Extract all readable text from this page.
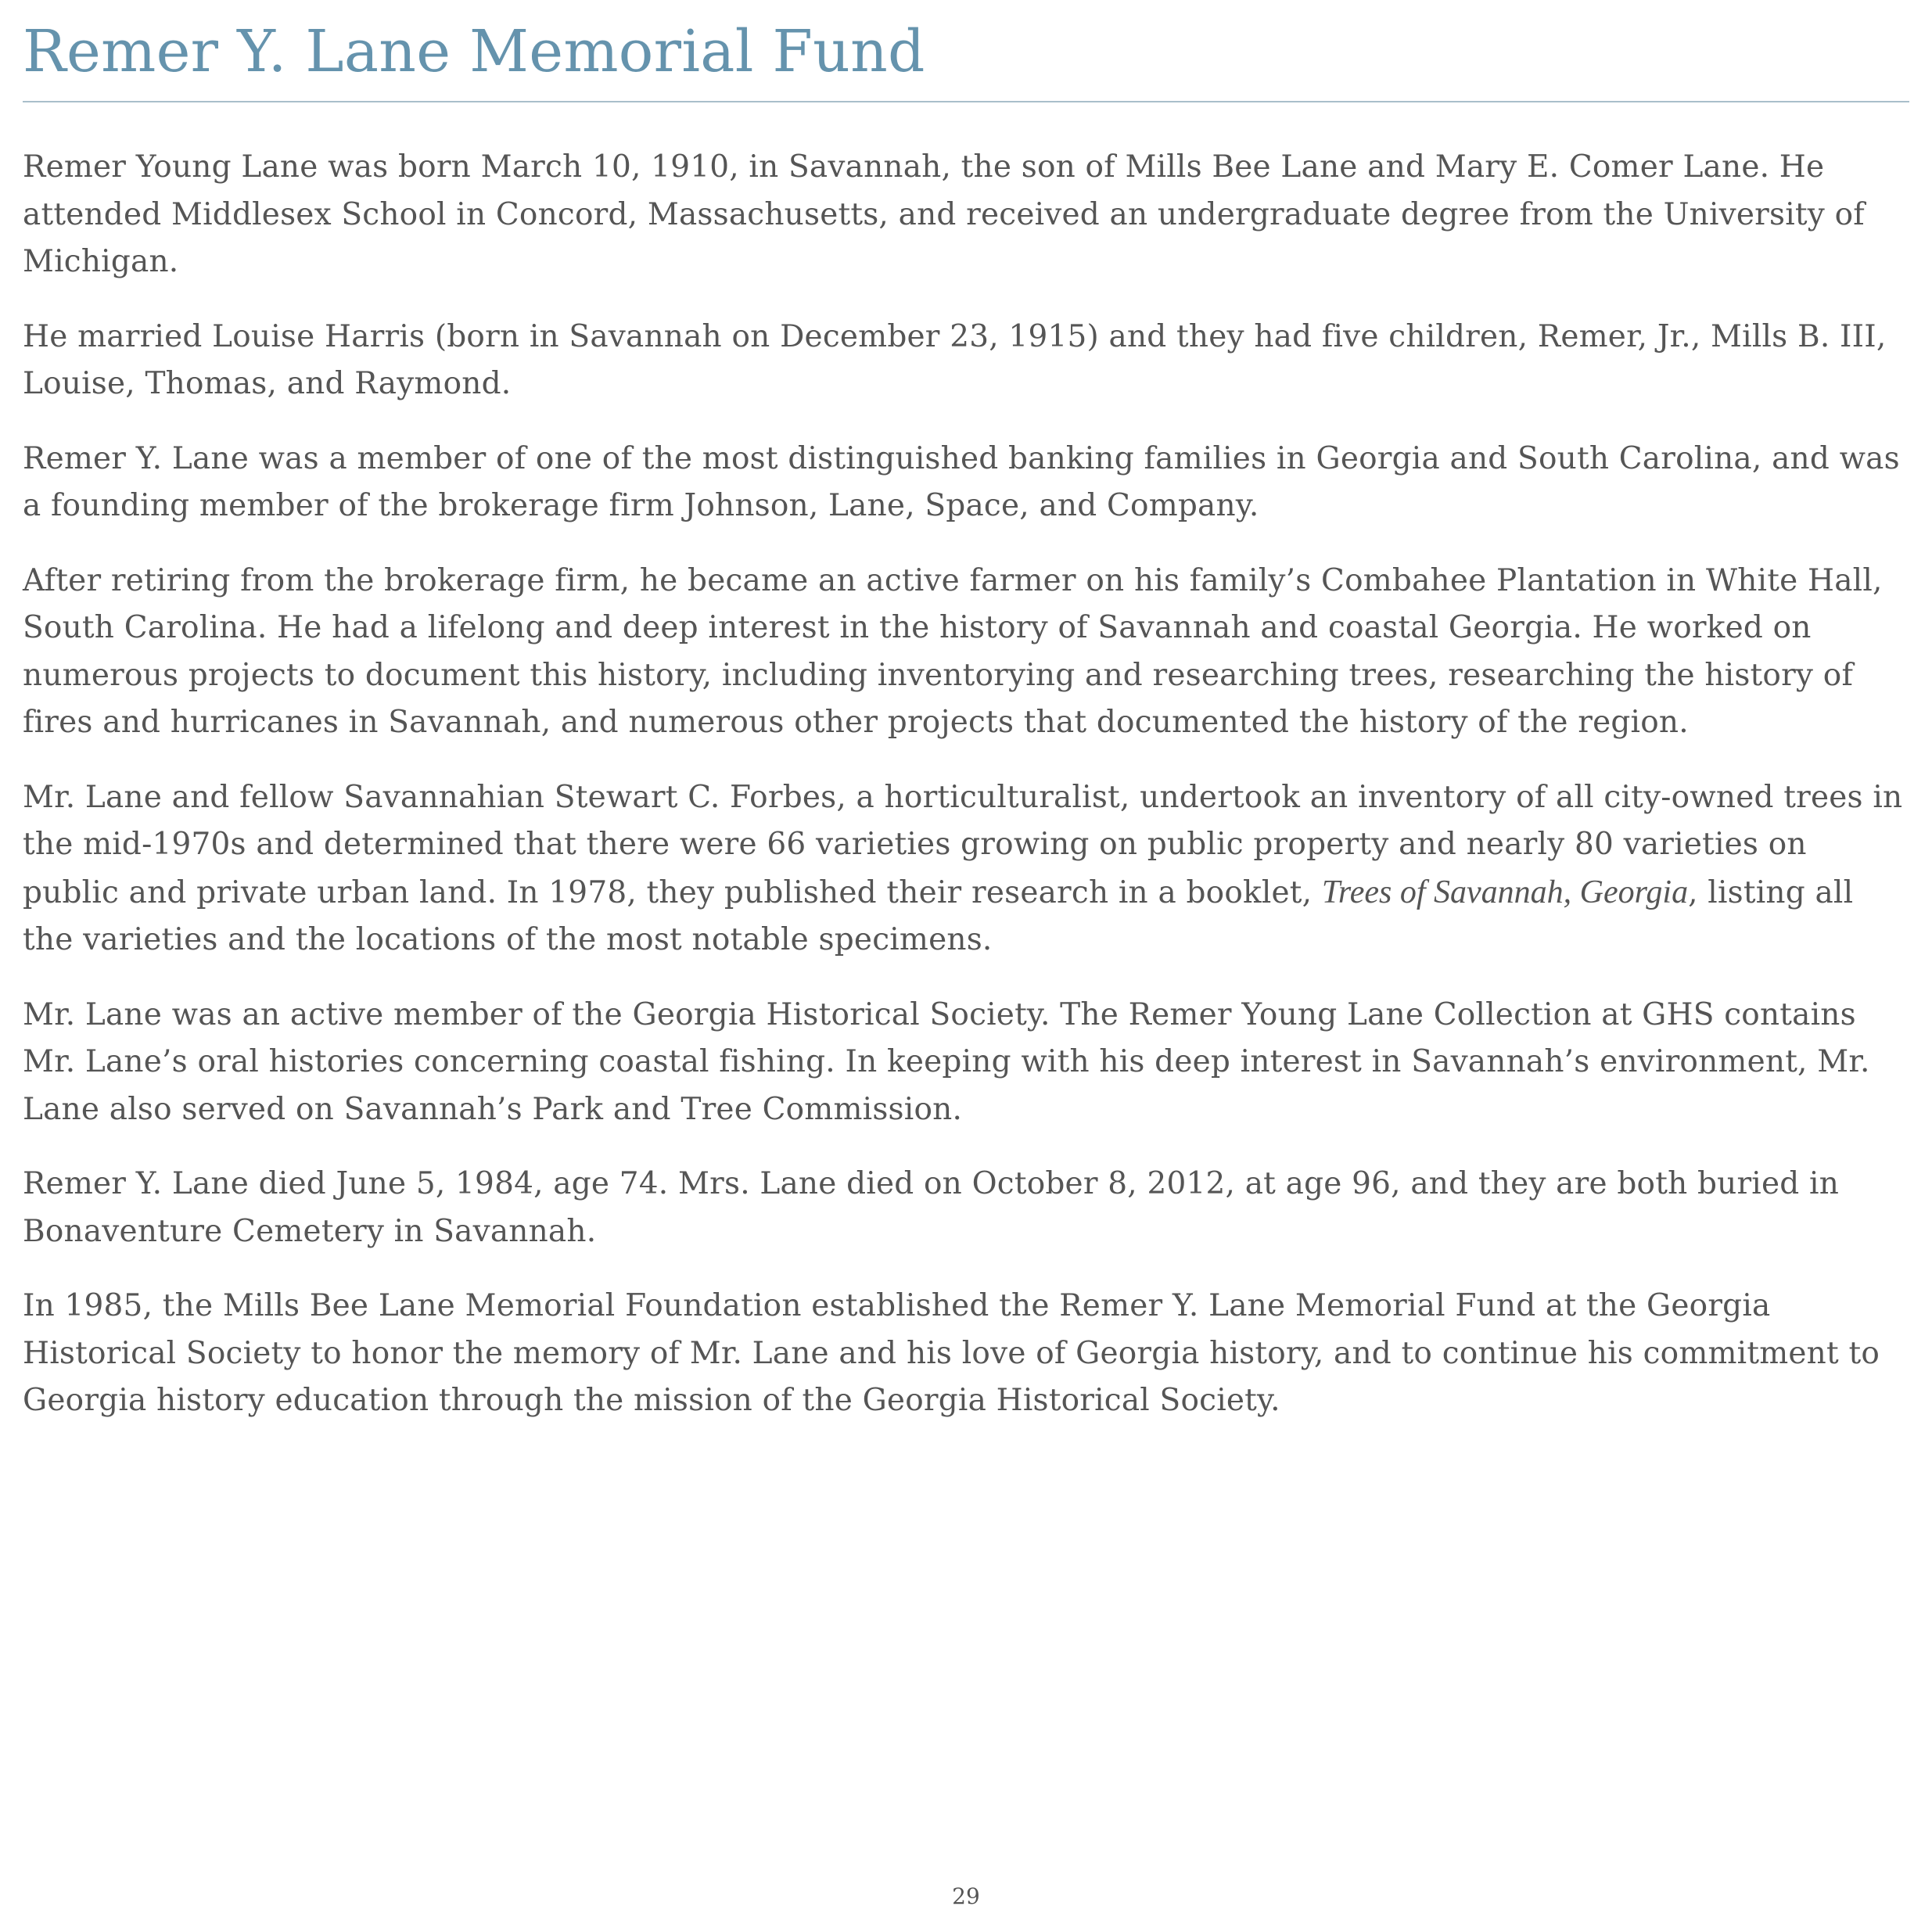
Remer Y. Lane Memorial Fund

Remer Young Lane was born March 10, 1910, in Savannah, the son of Mills Bee Lane and Mary E. Comer Lane. He attended Middlesex School in Concord, Massachusetts, and received an undergraduate degree from the University of Michigan.

He married Louise Harris (born in Savannah on December 23, 1915) and they had five children, Remer, Jr., Mills B. III, Louise, Thomas, and Raymond.

Remer Y. Lane was a member of one of the most distinguished banking families in Georgia and South Carolina, and was a founding member of the brokerage firm Johnson, Lane, Space, and Company.

After retiring from the brokerage firm, he became an active farmer on his family’s Combahee Plantation in White Hall, South Carolina. He had a lifelong and deep interest in the history of Savannah and coastal Georgia. He worked on numerous projects to document this history, including inventorying and researching trees, researching the history of fires and hurricanes in Savannah, and numerous other projects that documented the history of the region.

Mr. Lane and fellow Savannahian Stewart C. Forbes, a horticulturalist, undertook an inventory of all city-owned trees in the mid-1970s and determined that there were 66 varieties growing on public property and nearly 80 varieties on public and private urban land. In 1978, they published their research in a booklet, Trees of Savannah, Georgia, listing all the varieties and the locations of the most notable specimens.

Mr. Lane was an active member of the Georgia Historical Society. The Remer Young Lane Collection at GHS contains Mr. Lane’s oral histories concerning coastal fishing. In keeping with his deep interest in Savannah’s environment, Mr. Lane also served on Savannah’s Park and Tree Commission.

Remer Y. Lane died June 5, 1984, age 74. Mrs. Lane died on October 8, 2012, at age 96, and they are both buried in Bonaventure Cemetery in Savannah.

In 1985, the Mills Bee Lane Memorial Foundation established the Remer Y. Lane Memorial Fund at the Georgia Historical Society to honor the memory of Mr. Lane and his love of Georgia history, and to continue his commitment to Georgia history education through the mission of the Georgia Historical Society.

29
